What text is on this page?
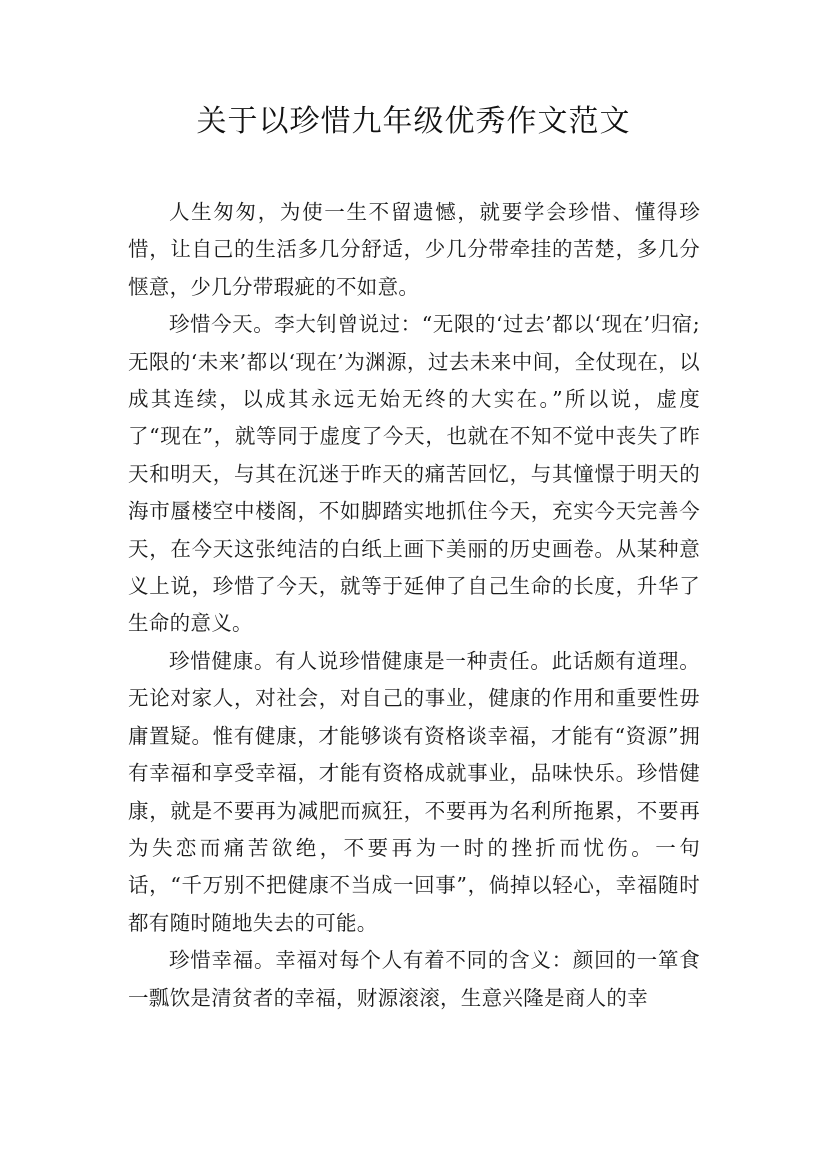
关于以珍惜九年级优秀作文范文

人生匆匆，为使一生不留遗憾，就要学会珍惜、懂得珍惜，让自己的生活多几分舒适，少几分带牵挂的苦楚，多几分惬意，少几分带瑕疵的不如意。

珍惜今天。李大钊曾说过：“无限的‘过去’都以‘现在’归宿;无限的‘未来’都以‘现在’为渊源，过去未来中间，全仗现在，以成其连续，以成其永远无始无终的大实在。”所以说，虚度了“现在”，就等同于虚度了今天，也就在不知不觉中丧失了昨天和明天，与其在沉迷于昨天的痛苦回忆，与其憧憬于明天的海市蜃楼空中楼阁，不如脚踏实地抓住今天，充实今天完善今天，在今天这张纯洁的白纸上画下美丽的历史画卷。从某种意义上说，珍惜了今天，就等于延伸了自己生命的长度，升华了生命的意义。

珍惜健康。有人说珍惜健康是一种责任。此话颇有道理。无论对家人，对社会，对自己的事业，健康的作用和重要性毋庸置疑。惟有健康，才能够谈有资格谈幸福，才能有“资源”拥有幸福和享受幸福，才能有资格成就事业，品味快乐。珍惜健康，就是不要再为减肥而疯狂，不要再为名利所拖累，不要再为失恋而痛苦欲绝，不要再为一时的挫折而忧伤。一句话，“千万别不把健康不当成一回事”，倘掉以轻心，幸福随时都有随时随地失去的可能。

珍惜幸福。幸福对每个人有着不同的含义：颜回的一箪食一瓢饮是清贫者的幸福，财源滚滚，生意兴隆是商人的幸
